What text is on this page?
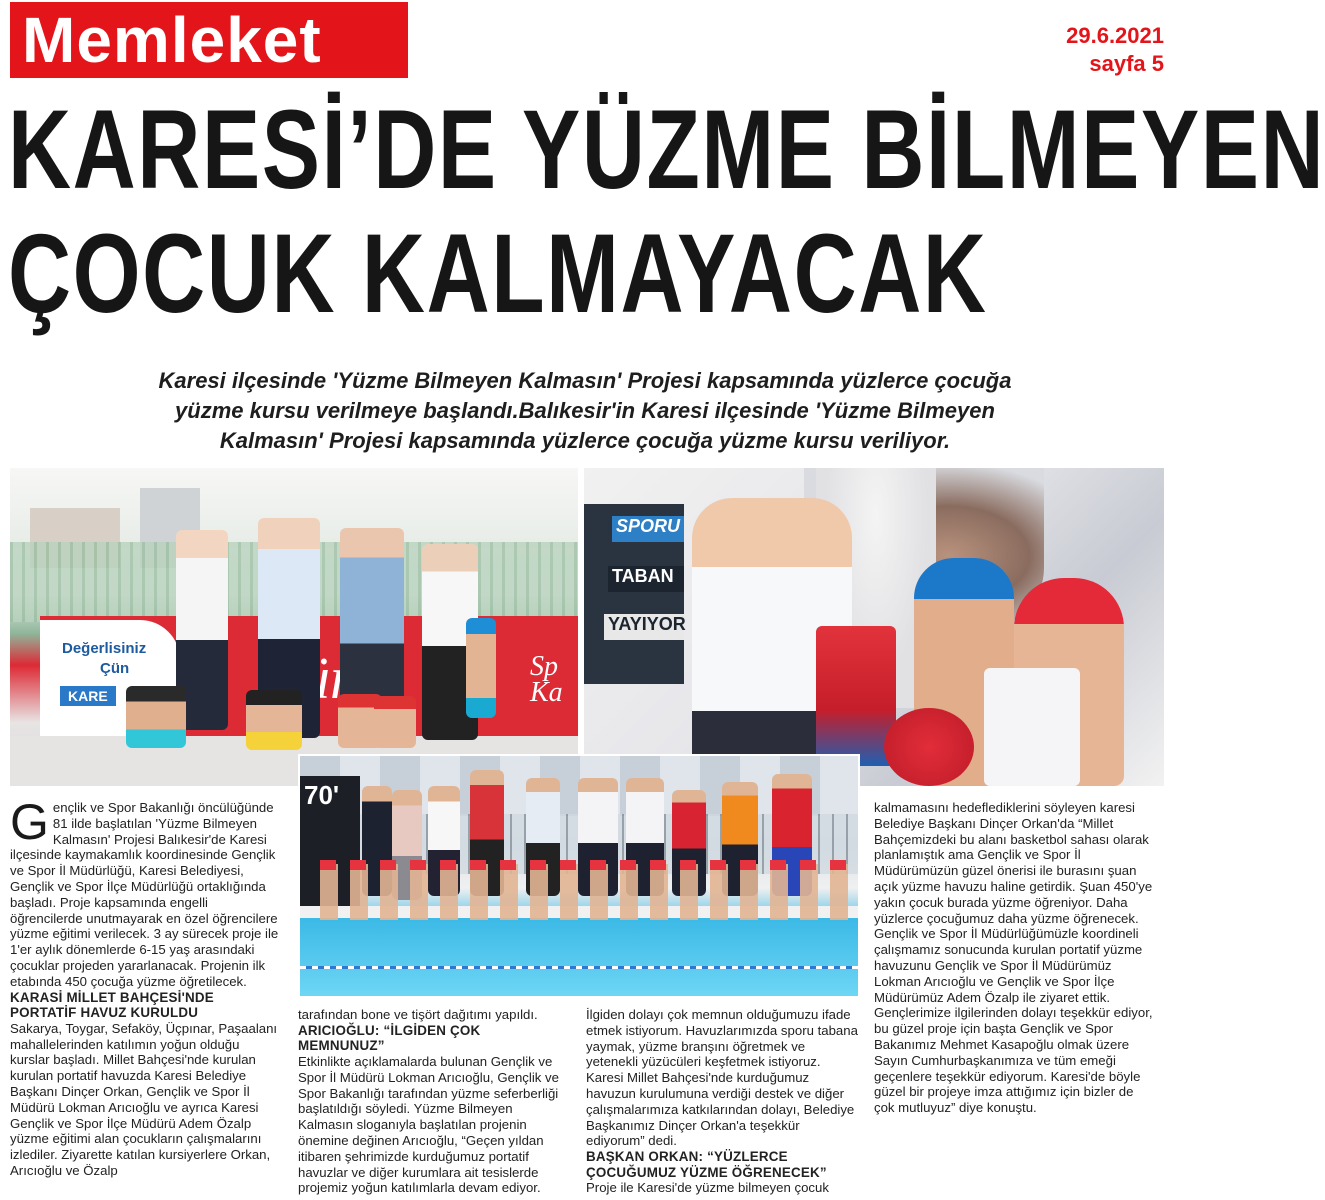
Memleket	29.6.2021
sayfa 5
KARESİ’DE YÜZME BİLMEYEN
ÇOCUK KALMAYACAK
Karesi ilçesinde 'Yüzme Bilmeyen Kalmasın' Projesi kapsamında yüzlerce çocuğa
yüzme kursu verilmeye başlandı.Balıkesir'in Karesi ilçesinde 'Yüzme Bilmeyen
Kalmasın' Projesi kapsamında yüzlerce çocuğa yüzme kursu veriliyor.
Değerlisiniz
Çün
KARE
Sp Ka
SPORU
TABAN
YAYIYOR
70'

Gençlik ve Spor Bakanlığı öncülüğünde 81 ilde başlatılan 'Yüzme Bilmeyen Kalmasın' Projesi Balıkesir'de Karesi ilçesinde kaymakamlık koordinesinde Gençlik ve Spor İl Müdürlüğü, Karesi Belediyesi, Gençlik ve Spor İlçe Müdürlüğü ortaklığında başladı. Proje kapsamında engelli öğrencilerde unutmayarak en özel öğrencilere yüzme eğitimi verilecek. 3 ay sürecek proje ile 1'er aylık dönemlerde 6-15 yaş arasındaki çocuklar projeden yararlanacak. Projenin ilk etabında 450 çocuğa yüzme öğretilecek.

KARASİ MİLLET BAHÇESİ'NDE PORTATİF HAVUZ KURULDU

Sakarya, Toygar, Sefaköy, Üçpınar, Paşaalanı mahallelerinden katılımın yoğun olduğu kurslar başladı. Millet Bahçesi'nde kurulan kurulan portatif havuzda Karesi Belediye Başkanı Dinçer Orkan, Gençlik ve Spor İl Müdürü Lokman Arıcıoğlu ve ayrıca Karesi Gençlik ve Spor İlçe Müdürü Adem Özalp yüzme eğitimi alan çocukların çalışmalarını izlediler. Ziyarette katılan kursiyerlere Orkan, Arıcıoğlu ve Özalp

tarafından bone ve tişört dağıtımı yapıldı.

ARICIOĞLU: “İLGİDEN ÇOK MEMNUNUZ”

Etkinlikte açıklamalarda bulunan Gençlik ve Spor İl Müdürü Lokman Arıcıoğlu, Gençlik ve Spor Bakanlığı tarafından yüzme seferberliği başlatıldığı söyledi. Yüzme Bilmeyen Kalmasın sloganıyla başlatılan projenin önemine değinen Arıcıoğlu, “Geçen yıldan itibaren şehrimizde kurduğumuz portatif havuzlar ve diğer kurumlara ait tesislerde projemiz yoğun katılımlarla devam ediyor.

İlgiden dolayı çok memnun olduğumuzu ifade etmek istiyorum. Havuzlarımızda sporu tabana yaymak, yüzme branşını öğretmek ve yetenekli yüzücüleri keşfetmek istiyoruz. Karesi Millet Bahçesi'nde kurduğumuz havuzun kurulumuna verdiği destek ve diğer çalışmalarımıza katkılarından dolayı, Belediye Başkanımız Dinçer Orkan'a teşekkür ediyorum” dedi.

BAŞKAN ORKAN: “YÜZLERCE ÇOCUĞUMUZ YÜZME ÖĞRENECEK”

Proje ile Karesi'de yüzme bilmeyen çocuk

kalmamasını hedeflediklerini söyleyen karesi Belediye Başkanı Dinçer Orkan'da “Millet Bahçemizdeki bu alanı basketbol sahası olarak planlamıştık ama Gençlik ve Spor İl Müdürümüzün güzel önerisi ile burasını şuan açık yüzme havuzu haline getirdik. Şuan 450'ye yakın çocuk burada yüzme öğreniyor. Daha yüzlerce çocuğumuz daha yüzme öğrenecek. Gençlik ve Spor İl Müdürlüğümüzle koordineli çalışmamız sonucunda kurulan portatif yüzme havuzunu Gençlik ve Spor İl Müdürümüz Lokman Arıcıoğlu ve Gençlik ve Spor İlçe Müdürümüz Adem Özalp ile ziyaret ettik. Gençlerimize ilgilerinden dolayı teşekkür ediyor, bu güzel proje için başta Gençlik ve Spor Bakanımız Mehmet Kasapoğlu olmak üzere Sayın Cumhurbaşkanımıza ve tüm emeği geçenlere teşekkür ediyorum. Karesi'de böyle güzel bir projeye imza attığımız için bizler de çok mutluyuz” diye konuştu.
